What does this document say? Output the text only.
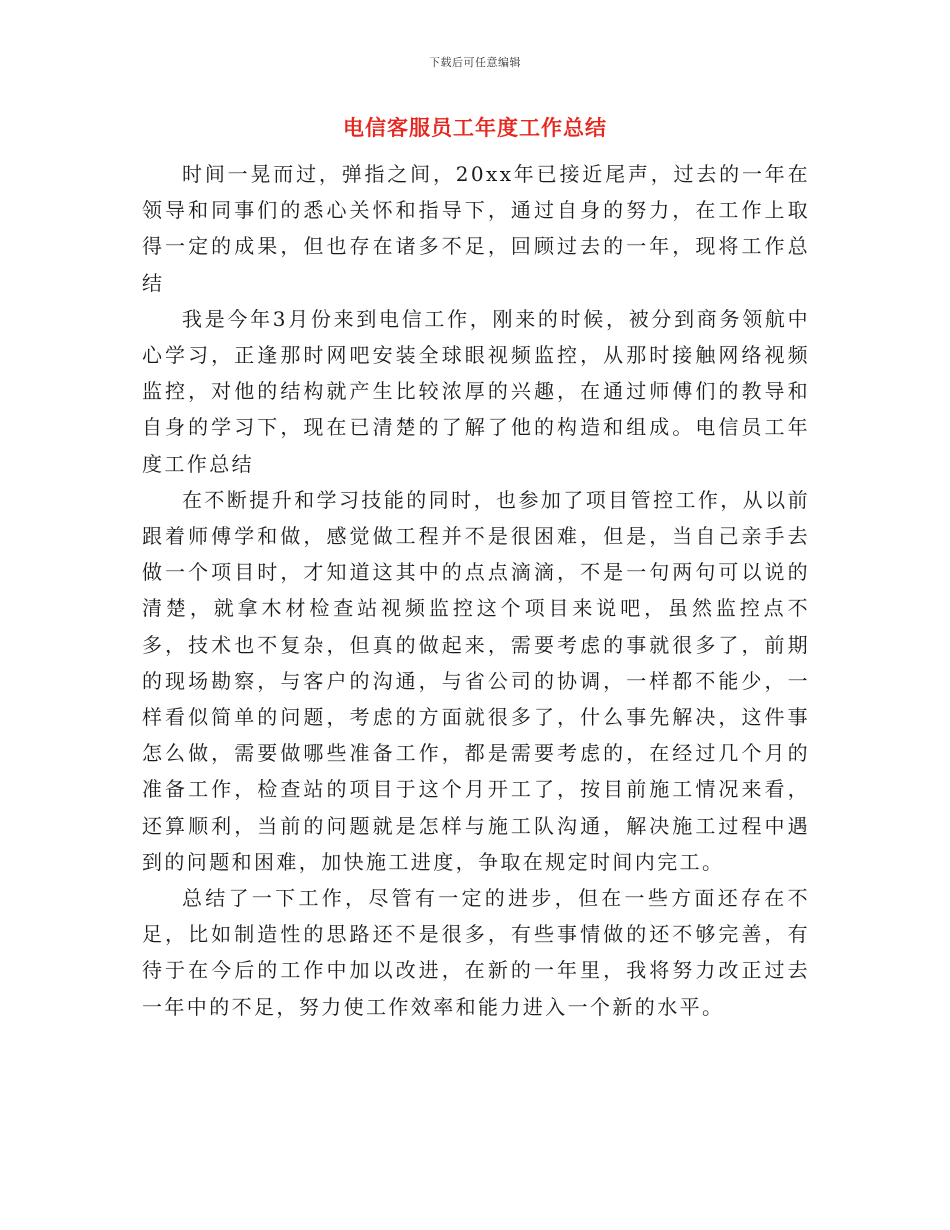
下载后可任意编辑
电信客服员工年度工作总结

时间一晃而过，弹指之间，20xx年已接近尾声，过去的一年在领导和同事们的悉心关怀和指导下，通过自身的努力，在工作上取得一定的成果，但也存在诸多不足，回顾过去的一年，现将工作总结

我是今年3月份来到电信工作，刚来的时候，被分到商务领航中心学习，正逢那时网吧安装全球眼视频监控，从那时接触网络视频监控，对他的结构就产生比较浓厚的兴趣，在通过师傅们的教导和自身的学习下，现在已清楚的了解了他的构造和组成。电信员工年度工作总结

在不断提升和学习技能的同时，也参加了项目管控工作，从以前跟着师傅学和做，感觉做工程并不是很困难，但是，当自己亲手去做一个项目时，才知道这其中的点点滴滴，不是一句两句可以说的清楚，就拿木材检查站视频监控这个项目来说吧，虽然监控点不多，技术也不复杂，但真的做起来，需要考虑的事就很多了，前期的现场勘察，与客户的沟通，与省公司的协调，一样都不能少，一样看似简单的问题，考虑的方面就很多了，什么事先解决，这件事怎么做，需要做哪些准备工作，都是需要考虑的，在经过几个月的准备工作，检查站的项目于这个月开工了，按目前施工情况来看，还算顺利，当前的问题就是怎样与施工队沟通，解决施工过程中遇到的问题和困难，加快施工进度，争取在规定时间内完工。

总结了一下工作，尽管有一定的进步，但在一些方面还存在不足，比如制造性的思路还不是很多，有些事情做的还不够完善，有待于在今后的工作中加以改进，在新的一年里，我将努力改正过去一年中的不足，努力使工作效率和能力进入一个新的水平。
